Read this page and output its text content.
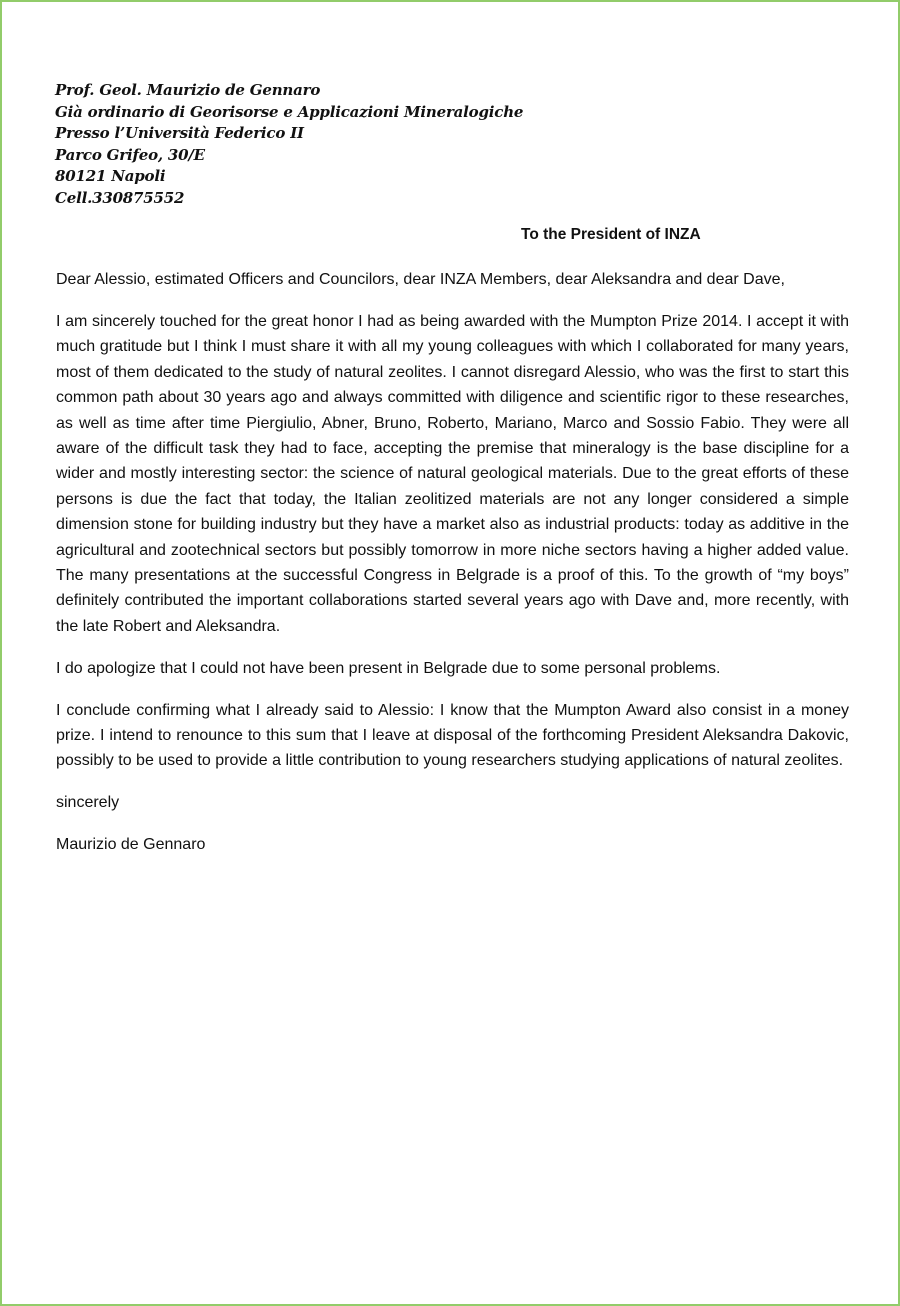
Prof. Geol. Maurizio de Gennaro
Già ordinario di Georisorse e Applicazioni Mineralogiche
Presso l’Università Federico II
Parco Grifeo, 30/E
80121 Napoli
Cell.330875552
To the President of INZA

Dear Alessio, estimated Officers and Councilors, dear INZA Members, dear Aleksandra and dear Dave,

I am sincerely touched for the great honor I had as being awarded with the Mumpton Prize 2014. I accept it with much gratitude but I think I must share it with all my young colleagues with which I collaborated for many years, most of them dedicated to the study of natural zeolites. I cannot disregard Alessio, who was the first to start this common path about 30 years ago and always committed with diligence and scientific rigor to these researches, as well as time after time Piergiulio, Abner, Bruno, Roberto, Mariano, Marco and Sossio Fabio. They were all aware of the difficult task they had to face, accepting the premise that mineralogy is the base discipline for a wider and mostly interesting sector: the science of natural geological materials. Due to the great efforts of these persons is due the fact that today, the Italian zeolitized materials are not any longer considered a simple dimension stone for building industry but they have a market also as industrial products: today as additive in the agricultural and zootechnical sectors but possibly tomorrow in more niche sectors having a higher added value. The many presentations at the successful Congress in Belgrade is a proof of this. To the growth of “my boys” definitely contributed the important collaborations started several years ago with Dave and, more recently, with the late Robert and Aleksandra.

I do apologize that I could not have been present in Belgrade due to some personal problems.

I conclude confirming what I already said to Alessio: I know that the Mumpton Award also consist in a money prize. I intend to renounce to this sum that I leave at disposal of the forthcoming President Aleksandra Dakovic, possibly to be used to provide a little contribution to young researchers studying applications of natural zeolites.

sincerely

Maurizio de Gennaro
